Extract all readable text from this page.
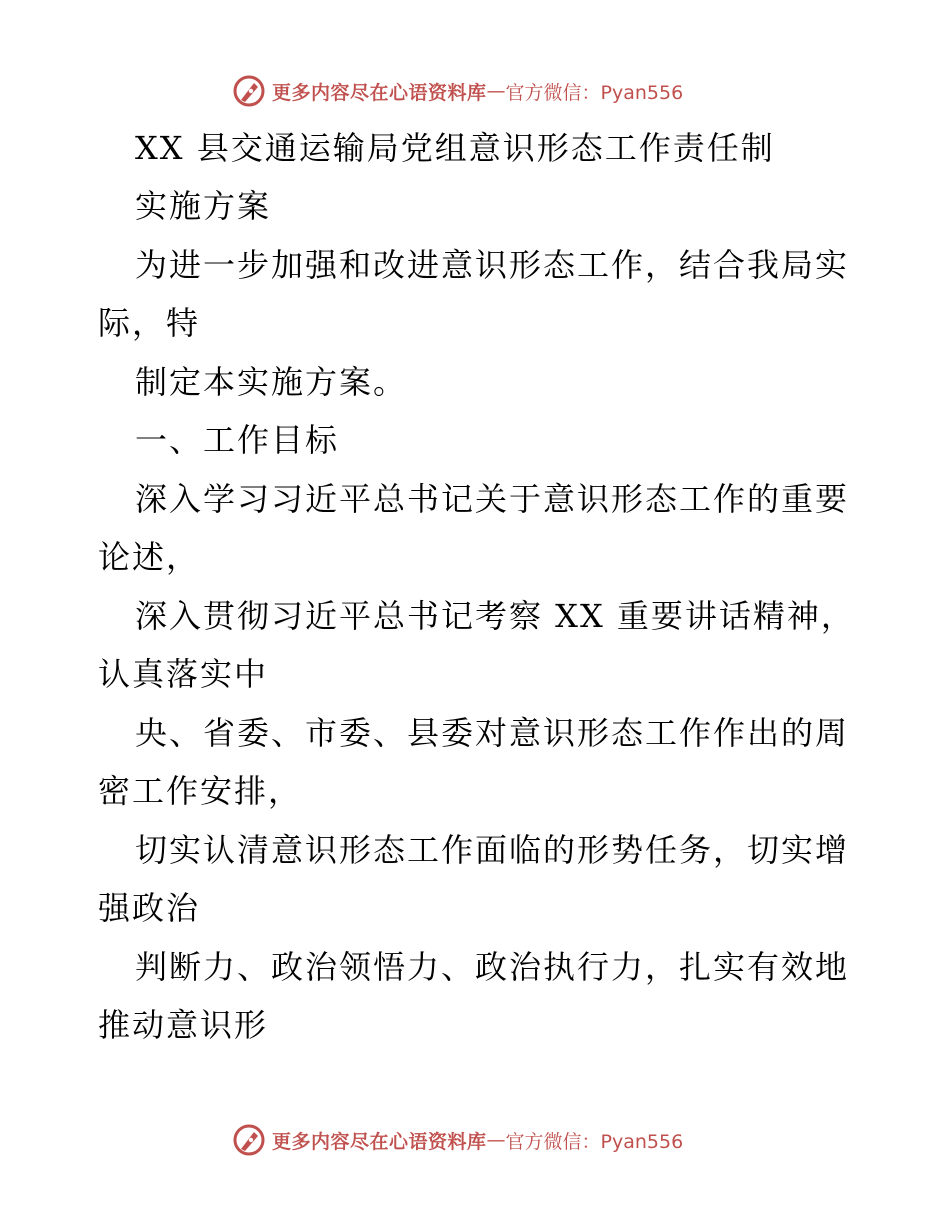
更多内容尽在心语资料库 — 官方微信：Pyan556
XX 县交通运输局党组意识形态工作责任制
实施方案
为进一步加强和改进意识形态工作，结合我局实
际，特
制定本实施方案。
一、工作目标
深入学习习近平总书记关于意识形态工作的重要
论述，
深入贯彻习近平总书记考察 XX 重要讲话精神，
认真落实中
央、省委、市委、县委对意识形态工作作出的周
密工作安排，
切实认清意识形态工作面临的形势任务，切实增
强政治
判断力、政治领悟力、政治执行力，扎实有效地
推动意识形
更多内容尽在心语资料库 — 官方微信：Pyan556
